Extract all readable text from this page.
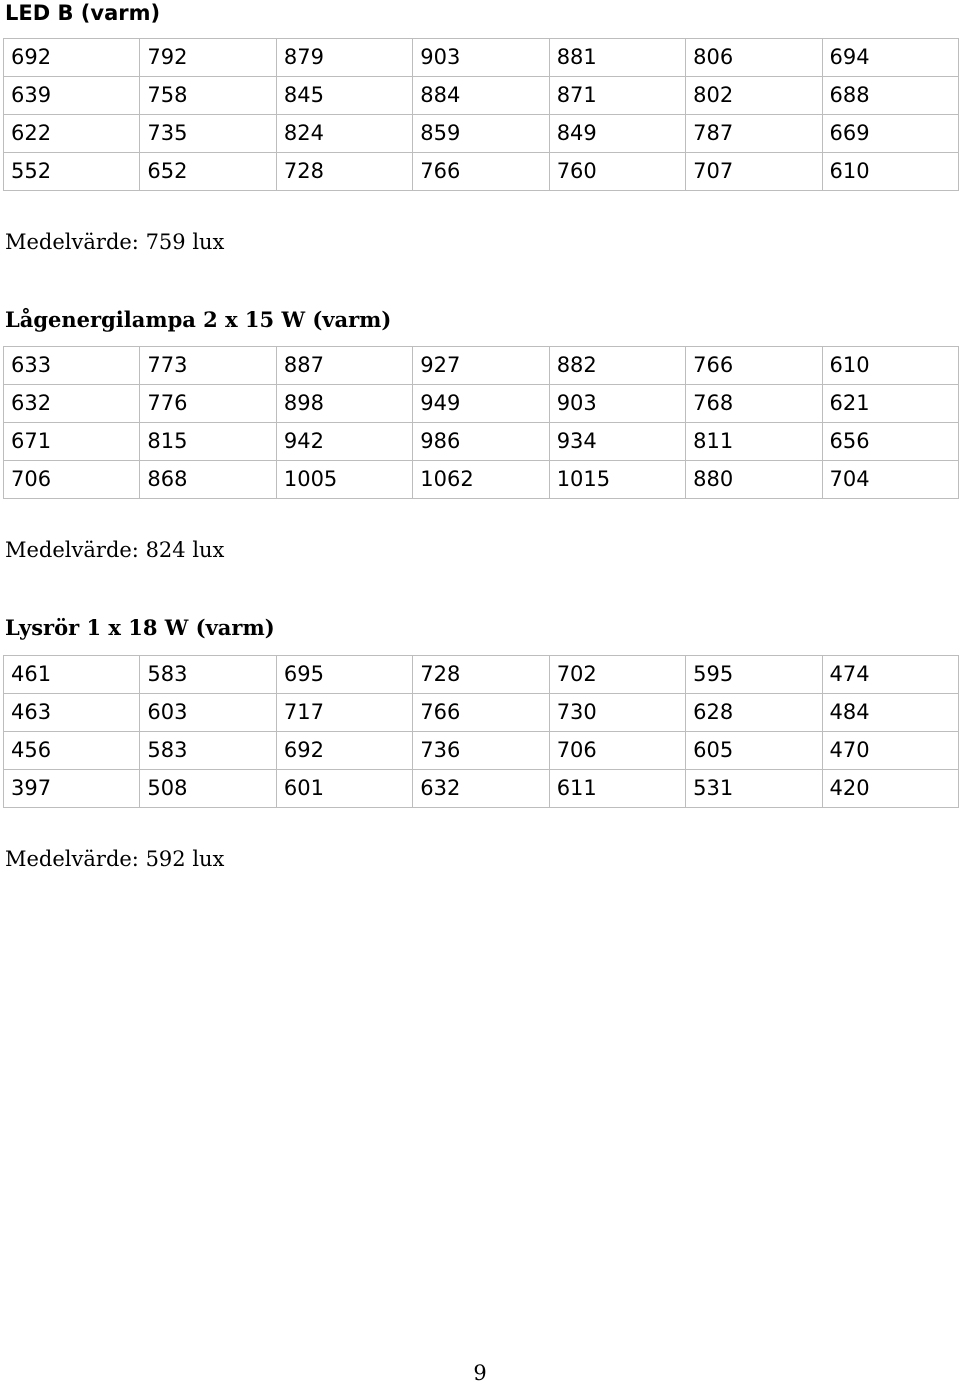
LED B (varm)
692	792	879	903	881	806	694
639	758	845	884	871	802	688
622	735	824	859	849	787	669
552	652	728	766	760	707	610
Medelvärde: 759 lux
Lågenergilampa 2 x 15 W (varm)
633	773	887	927	882	766	610
632	776	898	949	903	768	621
671	815	942	986	934	811	656
706	868	1005	1062	1015	880	704
Medelvärde: 824 lux
Lysrör 1 x 18 W (varm)
461	583	695	728	702	595	474
463	603	717	766	730	628	484
456	583	692	736	706	605	470
397	508	601	632	611	531	420
Medelvärde: 592 lux
9
